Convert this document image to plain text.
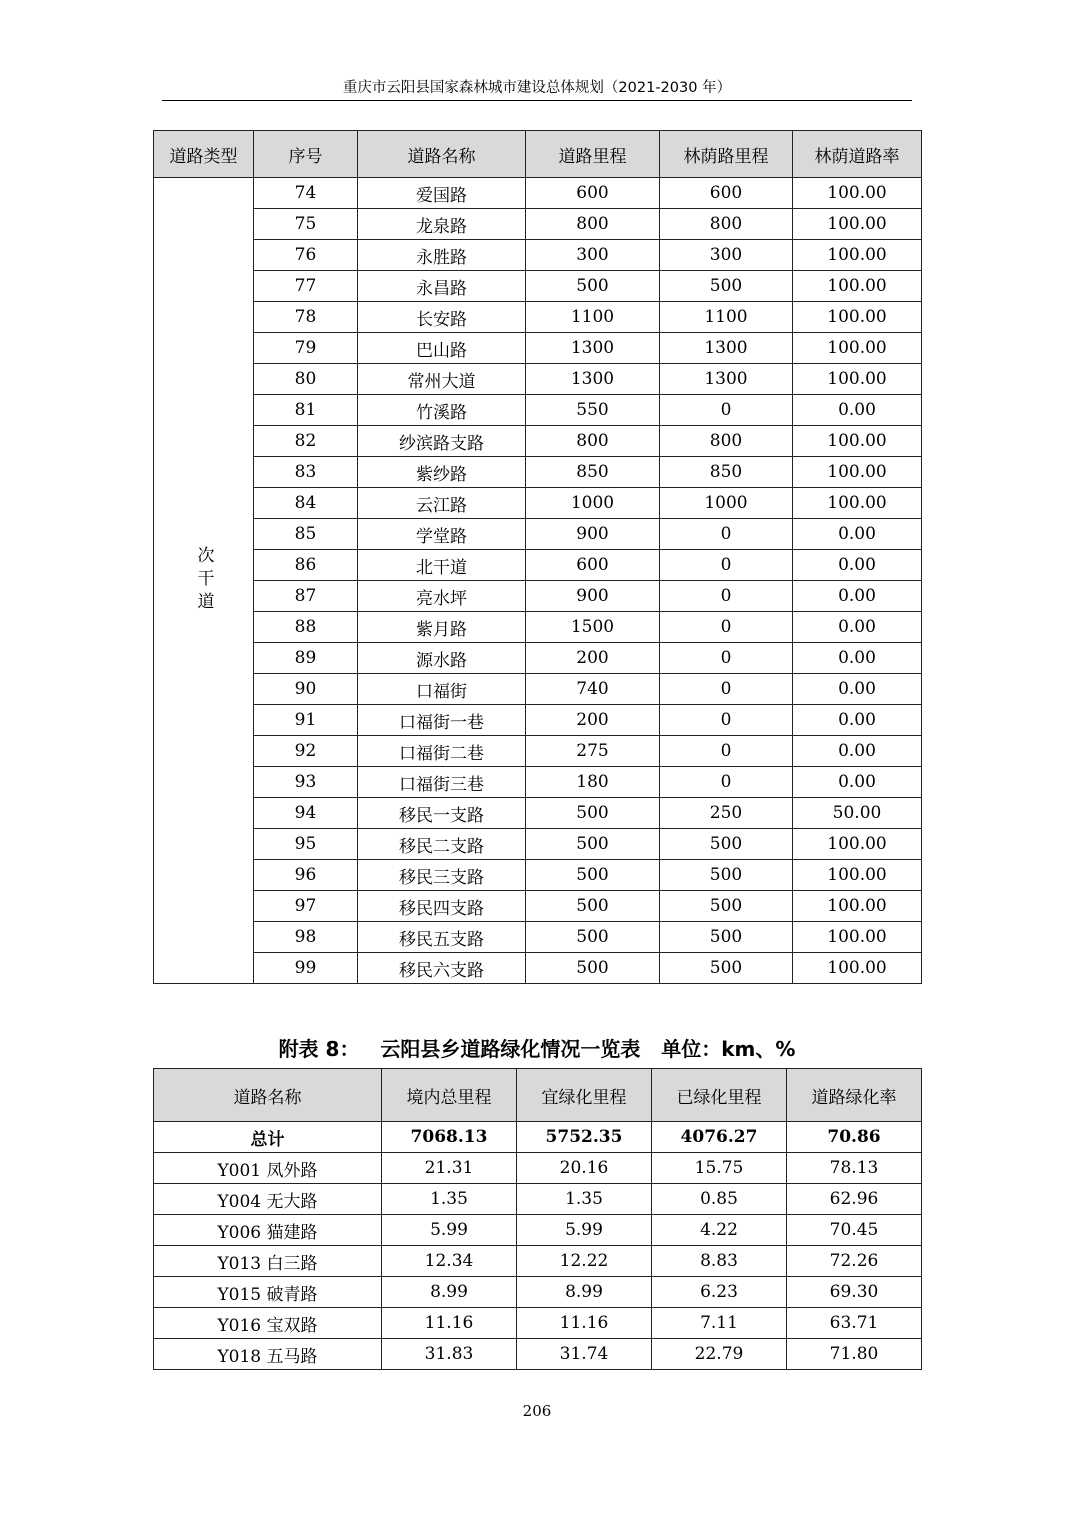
重庆市云阳县国家森林城市建设总体规划（2021-2030 年）
道路类型	序号	道路名称	道路里程	林荫路里程	林荫道路率
次干道	74	爱国路	600	600	100.00
	75	龙泉路	800	800	100.00
	76	永胜路	300	300	100.00
	77	永昌路	500	500	100.00
	78	长安路	1100	1100	100.00
	79	巴山路	1300	1300	100.00
	80	常州大道	1300	1300	100.00
	81	竹溪路	550	0	0.00
	82	纱滨路支路	800	800	100.00
	83	紫纱路	850	850	100.00
	84	云江路	1000	1000	100.00
	85	学堂路	900	0	0.00
	86	北干道	600	0	0.00
	87	亮水坪	900	0	0.00
	88	紫月路	1500	0	0.00
	89	源水路	200	0	0.00
	90	口福街	740	0	0.00
	91	口福街一巷	200	0	0.00
	92	口福街二巷	275	0	0.00
	93	口福街三巷	180	0	0.00
	94	移民一支路	500	250	50.00
	95	移民二支路	500	500	100.00
	96	移民三支路	500	500	100.00
	97	移民四支路	500	500	100.00
	98	移民五支路	500	500	100.00
	99	移民六支路	500	500	100.00
附表 8： 云阳县乡道路绿化情况一览表 单位：km、%
道路名称	境内总里程	宜绿化里程	已绿化里程	道路绿化率
总计	7068.13	5752.35	4076.27	70.86
Y001 凤外路	21.31	20.16	15.75	78.13
Y004 无大路	1.35	1.35	0.85	62.96
Y006 猫建路	5.99	5.99	4.22	70.45
Y013 白三路	12.34	12.22	8.83	72.26
Y015 破青路	8.99	8.99	6.23	69.30
Y016 宝双路	11.16	11.16	7.11	63.71
Y018 五马路	31.83	31.74	22.79	71.80
206
